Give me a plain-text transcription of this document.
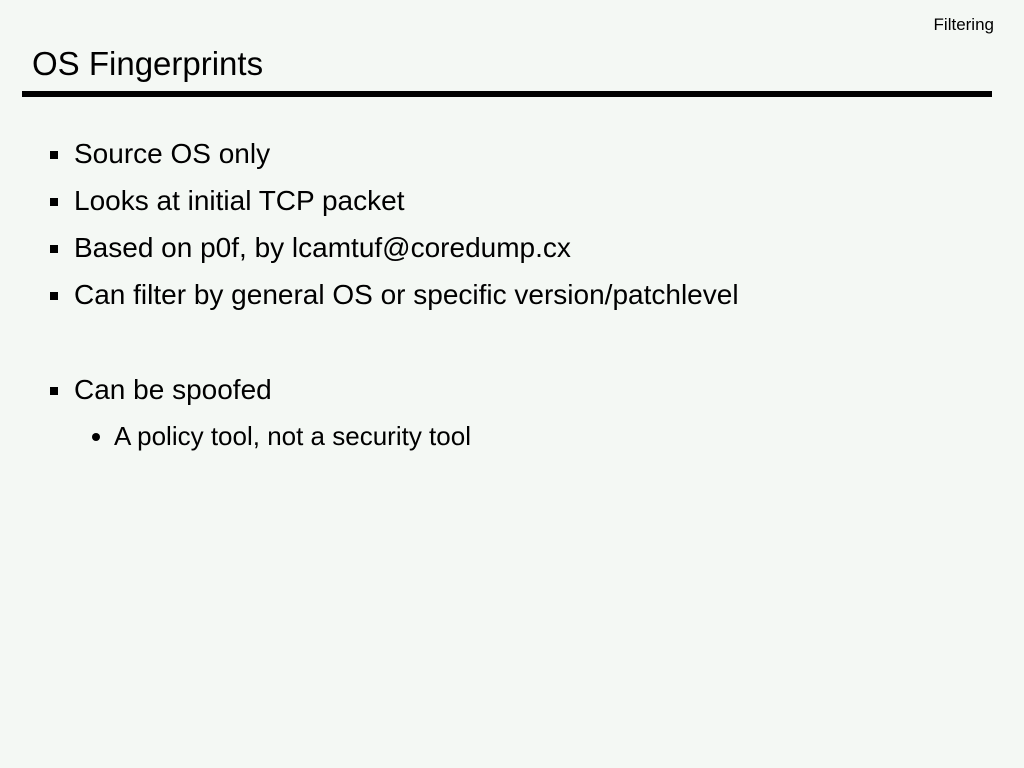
Filtering
OS Fingerprints
Source OS only
Looks at initial TCP packet
Based on p0f, by lcamtuf@coredump.cx
Can filter by general OS or specific version/patchlevel
Can be spoofed
A policy tool, not a security tool
